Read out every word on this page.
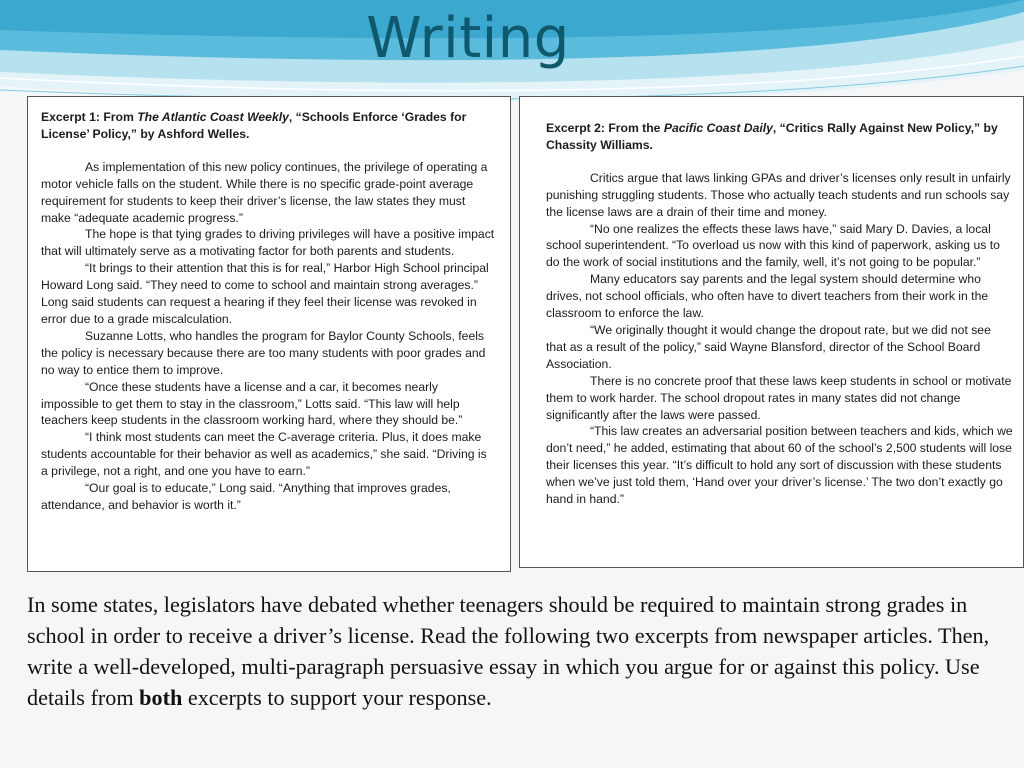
Writing

Excerpt 1: From The Atlantic Coast Weekly, “Schools Enforce ‘Grades for License’ Policy,” by Ashford Welles.

As implementation of this new policy continues, the privilege of operating a motor vehicle falls on the student. While there is no specific grade-point average requirement for students to keep their driver’s license, the law states they must make “adequate academic progress.”

The hope is that tying grades to driving privileges will have a positive impact that will ultimately serve as a motivating factor for both parents and students.

“It brings to their attention that this is for real,” Harbor High School principal Howard Long said. “They need to come to school and maintain strong averages.” Long said students can request a hearing if they feel their license was revoked in error due to a grade miscalculation.

Suzanne Lotts, who handles the program for Baylor County Schools, feels the policy is necessary because there are too many students with poor grades and no way to entice them to improve.

“Once these students have a license and a car, it becomes nearly impossible to get them to stay in the classroom,” Lotts said. “This law will help teachers keep students in the classroom working hard, where they should be.”

“I think most students can meet the C-average criteria. Plus, it does make students accountable for their behavior as well as academics,” she said. “Driving is a privilege, not a right, and one you have to earn.”

“Our goal is to educate,” Long said. “Anything that improves grades, attendance, and behavior is worth it.”

Excerpt 2: From the Pacific Coast Daily, “Critics Rally Against New Policy,” by Chassity Williams.

Critics argue that laws linking GPAs and driver’s licenses only result in unfairly punishing struggling students. Those who actually teach students and run schools say the license laws are a drain of their time and money.

“No one realizes the effects these laws have,” said Mary D. Davies, a local school superintendent. “To overload us now with this kind of paperwork, asking us to do the work of social institutions and the family, well, it’s not going to be popular.”

Many educators say parents and the legal system should determine who drives, not school officials, who often have to divert teachers from their work in the classroom to enforce the law.

“We originally thought it would change the dropout rate, but we did not see that as a result of the policy,” said Wayne Blansford, director of the School Board Association.

There is no concrete proof that these laws keep students in school or motivate them to work harder. The school dropout rates in many states did not change significantly after the laws were passed.

“This law creates an adversarial position between teachers and kids, which we don’t need,” he added, estimating that about 60 of the school’s 2,500 students will lose their licenses this year. “It’s difficult to hold any sort of discussion with these students when we’ve just told them, ‘Hand over your driver’s license.’ The two don’t exactly go hand in hand.”

In some states, legislators have debated whether teenagers should be required to maintain strong grades in school in order to receive a driver’s license. Read the following two excerpts from newspaper articles. Then, write a well-developed, multi-paragraph persuasive essay in which you argue for or against this policy. Use details from both excerpts to support your response.
